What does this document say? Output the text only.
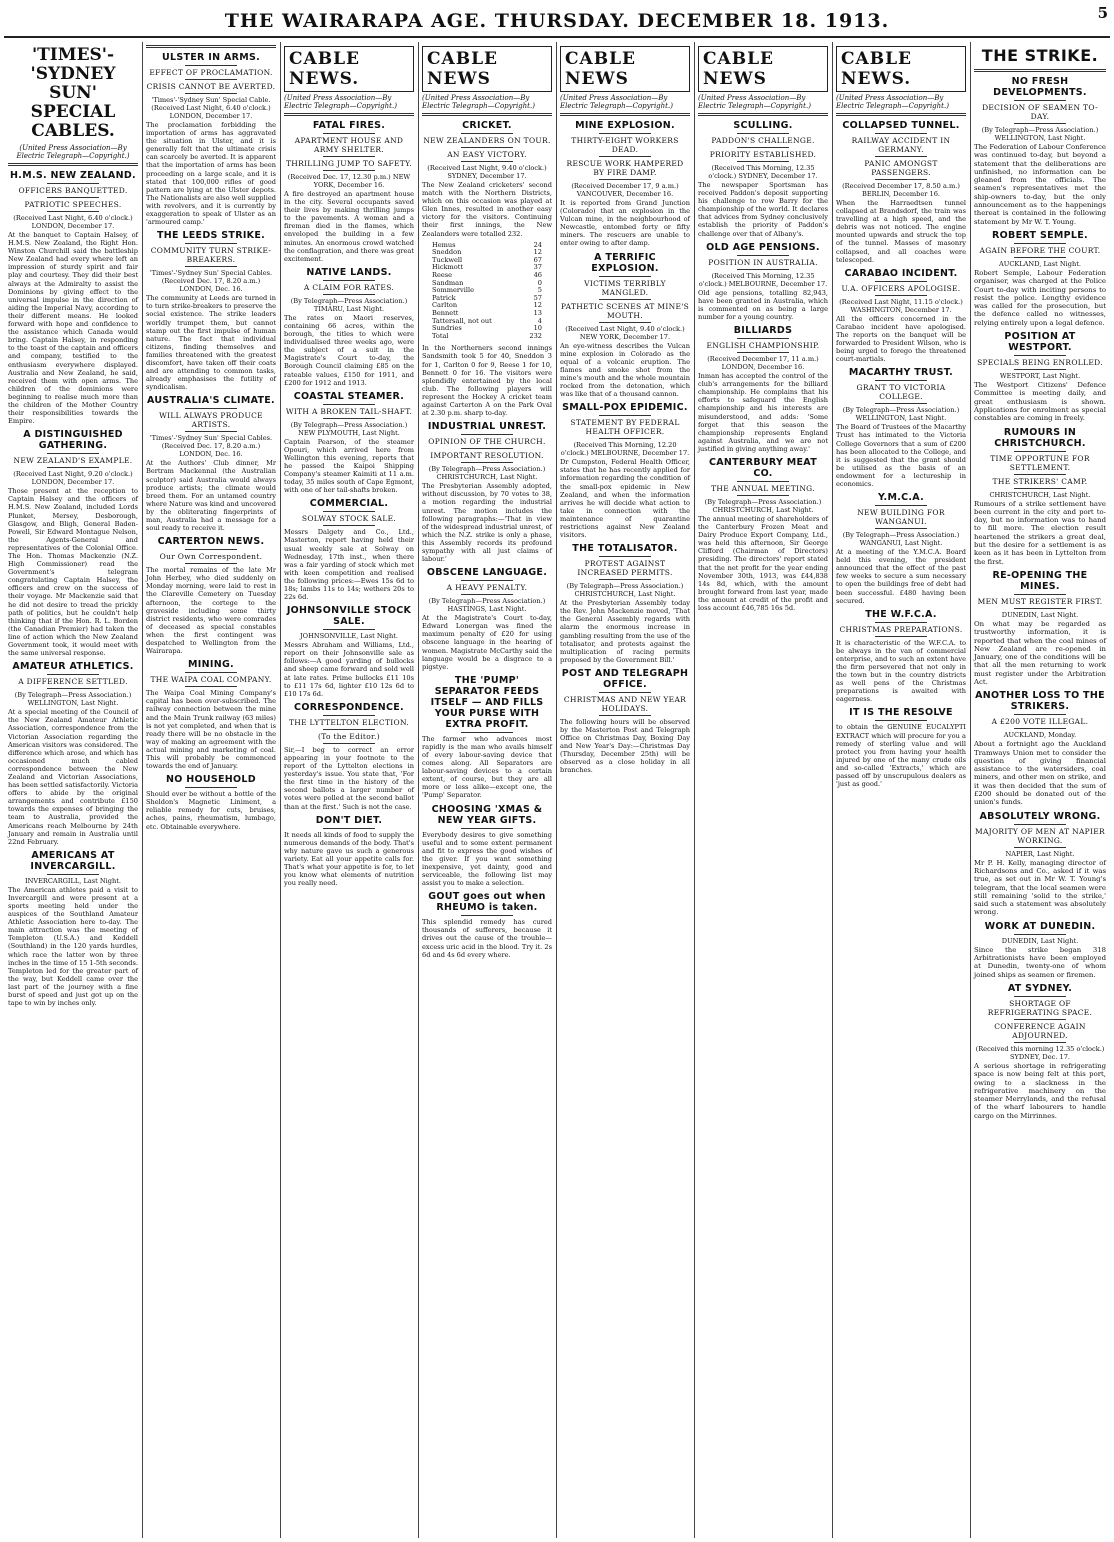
THE WAIRARAPA AGE. THURSDAY. DECEMBER 18. 1913.	5
'TIMES'-'SYDNEY SUN' SPECIAL CABLES.
(United Press Association—By Electric Telegraph—Copyright.)
H.M.S. NEW ZEALAND.
OFFICERS BANQUETTED.
PATRIOTIC SPEECHES.
(Received Last Night, 6.40 o'clock.) LONDON, December 17.
At the banquet to Captain Halsey, of H.M.S. New Zealand, the Right Hon. Winston Churchill said the battleship New Zealand had every where left an impression of sturdy spirit and fair play and courtesy. They did their best always at the Admiralty to assist the Dominions by giving effect to the universal impulse in the direction of aiding the Imperial Navy, according to their different means. He looked forward with hope and confidence to the assistance which Canada would bring. Captain Halsey, in responding to the toast of the captain and officers and company, testified to the enthusiasm everywhere displayed. Australia and New Zealand, he said, received them with open arms. The children of the dominions were beginning to realise much more than the children of the Mother Country their responsibilities towards the Empire.
A DISTINGUISHED GATHERING.
NEW ZEALAND'S EXAMPLE.
(Received Last Night, 9.20 o'clock.) LONDON, December 17.
Those present at the reception to Captain Halsey and the officers of H.M.S. New Zealand, included Lords Plunket, Mersey, Desborough, Glasgow, and Bligh, General Baden-Powell, Sir Edward Montague Nelson, the Agents-General and representatives of the Colonial Office. The Hon. Thomas Mackenzie (N.Z. High Commissioner) read the Government's telegram congratulating Captain Halsey, the officers and crew on the success of their voyage. Mr Mackenzie said that he did not desire to tread the prickly path of politics, but he couldn't help thinking that if the Hon. R. L. Borden (the Canadian Premier) had taken the line of action which the New Zealand Government took, it would meet with the same universal response.
AMATEUR ATHLETICS.
A DIFFERENCE SETTLED.
(By Telegraph—Press Association.) WELLINGTON, Last Night.
At a special meeting of the Council of the New Zealand Amateur Athletic Association, correspondence from the Victorian Association regarding the American visitors was considered. The difference which arose, and which has occasioned much cabled correspondence between the New Zealand and Victorian Associations, has been settled satisfactorily. Victoria offers to abide by the original arrangements and contribute £150 towards the expenses of bringing the team to Australia, provided the Americans reach Melbourne by 24th January and remain in Australia until 22nd February.
AMERICANS AT INVERCARGILL.
INVERCARGILL, Last Night.
The American athletes paid a visit to Invercargill and were present at a sports meeting held under the auspices of the Southland Amateur Athletic Association here to-day. The main attraction was the meeting of Templeton (U.S.A.) and Keddell (Southland) in the 120 yards hurdles, which race the latter won by three inches in the time of 15 1-5th seconds. Templeton led for the greater part of the way, but Keddell came over the last part of the journey with a fine burst of speed and just got up on the tape to win by inches only.
ULSTER IN ARMS.
EFFECT OF PROCLAMATION.
CRISIS CANNOT BE AVERTED.
'Times'-'Sydney Sun' Special Cable. (Received Last Night, 6.40 o'clock.) LONDON, December 17.
The proclamation forbidding the importation of arms has aggravated the situation in Ulster, and it is generally felt that the ultimate crisis can scarcely be averted. It is apparent that the importation of arms has been proceeding on a large scale, and it is stated that 100,000 rifles of good pattern are lying at the Ulster depots. The Nationalists are also well supplied with revolvers, and it is currently by exaggeration to speak of Ulster as an 'armoured camp.'
THE LEEDS STRIKE.
COMMUNITY TURN STRIKE-BREAKERS.
'Times'-'Sydney Sun' Special Cables. (Received Dec. 17, 8.20 a.m.) LONDON, Dec. 16.
The community at Leeds are turned in to turn strike-breakers to preserve the social existence. The strike leaders worldly trumpet them, but cannot stamp out the first impulse of human nature. The fact that individual citizens, finding themselves and families threatened with the greatest discomfort, have taken off their coats and are attending to common tasks, already emphasises the futility of syndicalism.
AUSTRALIA'S CLIMATE.
WILL ALWAYS PRODUCE ARTISTS.
'Times'-'Sydney Sun' Special Cables. (Received Dec. 17, 8.20 a.m.) LONDON, Dec. 16.
At the Authors' Club dinner, Mr Bertram Mackennal (the Australian sculptor) said Australia would always produce artists; the climate would breed them. For an untamed country where Nature was kind and uncovered by the obliterating fingerprints of man, Australia had a message for a soul ready to receive it.
CARTERTON NEWS.
Our Own Correspondent.
The mortal remains of the late Mr John Herbey, who died suddenly on Monday morning, were laid to rest in the Clareville Cemetery on Tuesday afternoon, the cortege to the graveside including some thirty district residents, who were comrades of deceased as special constables when the first contingent was despatched to Wellington from the Wairarapa.
MINING.
THE WAIPA COAL COMPANY.
The Waipa Coal Mining Company's capital has been over-subscribed. The railway connection between the mine and the Main Trunk railway (63 miles) is not yet completed, and when that is ready there will be no obstacle in the way of making an agreement with the actual mining and marketing of coal. This will probably be commenced towards the end of January.
NO HOUSEHOLD
Should ever be without a bottle of the Sheldon's Magnetic Liniment, a reliable remedy for cuts, bruises, aches, pains, rheumatism, lumbago, etc. Obtainable everywhere.
CABLE NEWS.
(United Press Association—By Electric Telegraph—Copyright.)
FATAL FIRES.
APARTMENT HOUSE AND ARMY SHELTER.
THRILLING JUMP TO SAFETY.
(Received Dec. 17, 12.30 p.m.) NEW YORK, December 16.
A fire destroyed an apartment house in the city. Several occupants saved their lives by making thrilling jumps to the pavements. A woman and a fireman died in the flames, which enveloped the building in a few minutes. An enormous crowd watched the conflagration, and there was great excitement.
NATIVE LANDS.
A CLAIM FOR RATES.
(By Telegraph—Press Association.) TIMARU, Last Night.
The rates on Maori reserves, containing 66 acres, within the borough, the titles to which were individualised three weeks ago, were the subject of a suit in the Magistrate's Court to-day, the Borough Council claiming £85 on the rateable values, £150 for 1911, and £200 for 1912 and 1913.
COASTAL STEAMER.
WITH A BROKEN TAIL-SHAFT.
(By Telegraph—Press Association.) NEW PLYMOUTH, Last Night.
Captain Pearson, of the steamer Opouri, which arrived here from Wellington this evening, reports that he passed the Kaipoi Shipping Company's steamer Kaimiti at 11 a.m. today, 35 miles south of Cape Egmont, with one of her tail-shafts broken.
COMMERCIAL.
SOLWAY STOCK SALE.
Messrs Dalgety and Co., Ltd., Masterton, report having held their usual weekly sale at Solway on Wednesday, 17th inst., when there was a fair yarding of stock which met with keen competition and realised the following prices:—Ewes 15s 6d to 18s; lambs 11s to 14s; wethers 20s to 22s 6d.
JOHNSONVILLE STOCK SALE.
JOHNSONVILLE, Last Night.
Messrs Abraham and Williams, Ltd., report on their Johnsonville sale as follows:—A good yarding of bullocks and sheep came forward and sold well at late rates. Prime bullocks £11 10s to £11 17s 6d, lighter £10 12s 6d to £10 17s 6d.
CORRESPONDENCE.
THE LYTTELTON ELECTION.
(To the Editor.)
Sir,—I beg to correct an error appearing in your footnote to the report of the Lyttelton elections in yesterday's issue. You state that, 'For the first time in the history of the second ballots a larger number of votes were polled at the second ballot than at the first.' Such is not the case.
DON'T DIET.
It needs all kinds of food to supply the numerous demands of the body. That's why nature gave us such a generous variety. Eat all your appetite calls for. That's what your appetite is for, to let you know what elements of nutrition you really need.
CABLE NEWS
(United Press Association—By Electric Telegraph—Copyright.)
CRICKET.
NEW ZEALANDERS ON TOUR.
AN EASY VICTORY.
(Received Last Night, 9.40 o'clock.) SYDNEY, December 17.
The New Zealand cricketers' second match with the Northern Districts, which on this occasion was played at Glen Innes, resulted in another easy victory for the visitors. Continuing their first innings, the New Zealanders were totalled 232.
Hemus	24
Sneddon	12
Tuckwell	67
Hickmott	37
Reese	46
Sandman	0
Sommerville	5
Patrick	57
Carlton	12
Bennett	13
Tattersall, not out	4
Sundries	10
Total	232
In the Northerners second innings Sandsmith took 5 for 40, Sneddon 3 for 1, Carlton 0 for 9, Reese 1 for 10, Bennett 0 for 16. The visitors were splendidly entertained by the local club. The following players will represent the Hockey A cricket team against Carterton A on the Park Oval at 2.30 p.m. sharp to-day.
INDUSTRIAL UNREST.
OPINION OF THE CHURCH.
IMPORTANT RESOLUTION.
(By Telegraph—Press Association.) CHRISTCHURCH, Last Night.
The Presbyterian Assembly adopted, without discussion, by 70 votes to 38, a motion regarding the industrial unrest. The motion includes the following paragraphs:—'That in view of the widespread industrial unrest, of which the N.Z. strike is only a phase, this Assembly records its profound sympathy with all just claims of labour.'
OBSCENE LANGUAGE.
A HEAVY PENALTY.
(By Telegraph—Press Association.) HASTINGS, Last Night.
At the Magistrate's Court to-day, Edward Lonergan was fined the maximum penalty of £20 for using obscene language in the hearing of women. Magistrate McCarthy said the language would be a disgrace to a pigstye.
THE 'PUMP' SEPARATOR FEEDS ITSELF — AND FILLS YOUR PURSE WITH EXTRA PROFIT.
The farmer who advances most rapidly is the man who avails himself of every labour-saving device that comes along. All Separators are labour-saving devices to a certain extent, of course, but they are all more or less alike—except one, the 'Pump' Separator.
CHOOSING 'XMAS & NEW YEAR GIFTS.
Everybody desires to give something useful and to some extent permanent and fit to express the good wishes of the giver. If you want something inexpensive, yet dainty, good and serviceable, the following list may assist you to make a selection.
GOUT goes out when RHEUMO is taken.
This splendid remedy has cured thousands of sufferers, because it drives out the cause of the trouble—excess uric acid in the blood. Try it. 2s 6d and 4s 6d every where.
CABLE NEWS
(United Press Association—By Electric Telegraph—Copyright.)
MINE EXPLOSION.
THIRTY-EIGHT WORKERS DEAD.
RESCUE WORK HAMPERED BY FIRE DAMP.
(Received December 17, 9 a.m.) VANCOUVER, December 16.
It is reported from Grand Junction (Colorado) that an explosion in the Vulcan mine, in the neighbourhood of Newcastle, entombed forty or fifty miners. The rescuers are unable to enter owing to after damp.
A TERRIFIC EXPLOSION.
VICTIMS TERRIBLY MANGLED.
PATHETIC SCENES AT MINE'S MOUTH.
(Received Last Night, 9.40 o'clock.) NEW YORK, December 17.
An eye-witness describes the Vulcan mine explosion in Colorado as the equal of a volcanic eruption. The flames and smoke shot from the mine's mouth and the whole mountain rocked from the detonation, which was like that of a thousand cannon.
SMALL-POX EPIDEMIC.
STATEMENT BY FEDERAL HEALTH OFFICER.
(Received This Morning, 12.20 o'clock.) MELBOURNE, December 17.
Dr Cumpston, Federal Health Officer, states that he has recently applied for information regarding the condition of the small-pox epidemic in New Zealand, and when the information arrives he will decide what action to take in connection with the maintenance of quarantine restrictions against New Zealand visitors.
THE TOTALISATOR.
PROTEST AGAINST INCREASED PERMITS.
(By Telegraph—Press Association.) CHRISTCHURCH, Last Night.
At the Presbyterian Assembly today the Rev. John Mackenzie moved, 'That the General Assembly regards with alarm the enormous increase in gambling resulting from the use of the totalisator, and protests against the multiplication of racing permits proposed by the Government Bill.'
POST AND TELEGRAPH OFFICE.
CHRISTMAS AND NEW YEAR HOLIDAYS.
The following hours will be observed by the Masterton Post and Telegraph Office on Christmas Day, Boxing Day and New Year's Day:—Christmas Day (Thursday, December 25th) will be observed as a close holiday in all branches.
CABLE NEWS
(United Press Association—By Electric Telegraph—Copyright.)
SCULLING.
PADDON'S CHALLENGE.
PRIORITY ESTABLISHED.
(Received This Morning, 12.35 o'clock.) SYDNEY, December 17.
The newspaper Sportsman has received Paddon's deposit supporting his challenge to row Barry for the championship of the world. It declares that advices from Sydney conclusively establish the priority of Paddon's challenge over that of Albany's.
OLD AGE PENSIONS.
POSITION IN AUSTRALIA.
(Received This Morning, 12.35 o'clock.) MELBOURNE, December 17.
Old age pensions, totalling 82,943, have been granted in Australia, which is commented on as being a large number for a young country.
BILLIARDS
ENGLISH CHAMPIONSHIP.
(Received December 17, 11 a.m.) LONDON, December 16.
Inman has accepted the control of the club's arrangements for the billiard championship. He complains that his efforts to safeguard the English championship and his interests are misunderstood, and adds: 'Some forget that this season the championship represents England against Australia, and we are not justified in giving anything away.'
CANTERBURY MEAT CO.
THE ANNUAL MEETING.
(By Telegraph—Press Association.) CHRISTCHURCH, Last Night.
The annual meeting of shareholders of the Canterbury Frozen Meat and Dairy Produce Export Company, Ltd., was held this afternoon, Sir George Clifford (Chairman of Directors) presiding. The directors' report stated that the net profit for the year ending November 30th, 1913, was £44,838 14s 8d, which, with the amount brought forward from last year, made the amount at credit of the profit and loss account £46,785 16s 5d.
CABLE NEWS.
(United Press Association—By Electric Telegraph—Copyright.)
COLLAPSED TUNNEL.
RAILWAY ACCIDENT IN GERMANY.
PANIC AMONGST PASSENGERS.
(Received December 17, 8.50 a.m.) BERLIN, December 16.
When the Harraedtsen tunnel collapsed at Brandsdorf, the train was travelling at a high speed, and the debris was not noticed. The engine mounted upwards and struck the top of the tunnel. Masses of masonry collapsed, and all coaches were telescoped.
CARABAO INCIDENT.
U.A. OFFICERS APOLOGISE.
(Received Last Night, 11.15 o'clock.) WASHINGTON, December 17.
All the officers concerned in the Carabao incident have apologised. The reports on the banquet will be forwarded to President Wilson, who is being urged to forego the threatened court-martials.
MACARTHY TRUST.
GRANT TO VICTORIA COLLEGE.
(By Telegraph—Press Association.) WELLINGTON, Last Night.
The Board of Trustees of the Macarthy Trust has intimated to the Victoria College Governors that a sum of £200 has been allocated to the College, and it is suggested that the grant should be utilised as the basis of an endowment for a lectureship in economics.
Y.M.C.A.
NEW BUILDING FOR WANGANUI.
(By Telegraph—Press Association.) WANGANUI, Last Night.
At a meeting of the Y.M.C.A. Board held this evening, the president announced that the effect of the past few weeks to secure a sum necessary to open the buildings free of debt had been successful. £480 having been secured.
THE W.F.C.A.
CHRISTMAS PREPARATIONS.
It is characteristic of the W.F.C.A. to be always in the van of commercial enterprise, and to such an extent have the firm persevered that not only in the town but in the country districts as well pens of the Christmas preparations is awaited with eagerness.
IT IS THE RESOLVE
to obtain the GENUINE EUCALYPTI EXTRACT which will procure for you a remedy of sterling value and will protect you from having your health injured by one of the many crude oils and so-called 'Extracts,' which are passed off by unscrupulous dealers as 'just as good.'
THE STRIKE.
NO FRESH DEVELOPMENTS.
DECISION OF SEAMEN TO-DAY.
(By Telegraph—Press Association.) WELLINGTON, Last Night.
The Federation of Labour Conference was continued to-day, but beyond a statement that the deliberations are unfinished, no information can be gleaned from the officials. The seamen's representatives met the ship-owners to-day, but the only announcement as to the happenings thereat is contained in the following statement by Mr W. T. Young.
ROBERT SEMPLE.
AGAIN BEFORE THE COURT.
AUCKLAND, Last Night.
Robert Semple, Labour Federation organiser, was charged at the Police Court to-day with inciting persons to resist the police. Lengthy evidence was called for the prosecution, but the defence called no witnesses, relying entirely upon a legal defence.
POSITION AT WESTPORT.
SPECIALS BEING ENROLLED.
WESTPORT, Last Night.
The Westport Citizens' Defence Committee is meeting daily, and great enthusiasm is shown. Applications for enrolment as special constables are coming in freely.
RUMOURS IN CHRISTCHURCH.
TIME OPPORTUNE FOR SETTLEMENT.
THE STRIKERS' CAMP.
CHRISTCHURCH, Last Night.
Rumours of a strike settlement have been current in the city and port to-day, but no information was to hand to fill more. The election result heartened the strikers a great deal, but the desire for a settlement is as keen as it has been in Lyttelton from the first.
RE-OPENING THE MINES.
MEN MUST REGISTER FIRST.
DUNEDIN, Last Night.
On what may be regarded as trustworthy information, it is reported that when the coal mines of New Zealand are re-opened in January, one of the conditions will be that all the men returning to work must register under the Arbitration Act.
ANOTHER LOSS TO THE STRIKERS.
A £200 VOTE ILLEGAL.
AUCKLAND, Monday.
About a fortnight ago the Auckland Tramways Union met to consider the question of giving financial assistance to the watersiders, coal miners, and other men on strike, and it was then decided that the sum of £200 should be donated out of the union's funds.
ABSOLUTELY WRONG.
MAJORITY OF MEN AT NAPIER WORKING.
NAPIER, Last Night.
Mr P. H. Kelly, managing director of Richardsons and Co., asked if it was true, as set out in Mr W. T. Young's telegram, that the local seamen were still remaining 'solid to the strike,' said such a statement was absolutely wrong.
WORK AT DUNEDIN.
DUNEDIN, Last Night.
Since the strike began 318 Arbitrationists have been employed at Dunedin, twenty-one of whom joined ships as seamen or firemen.
AT SYDNEY.
SHORTAGE OF REFRIGERATING SPACE.
CONFERENCE AGAIN ADJOURNED.
(Received this morning 12.35 o'clock.) SYDNEY, Dec. 17.
A serious shortage in refrigerating space is now being felt at this port, owing to a slackness in the refrigerative machinery on the steamer Merrylands, and the refusal of the wharf labourers to handle cargo on the Mirrinnes.
